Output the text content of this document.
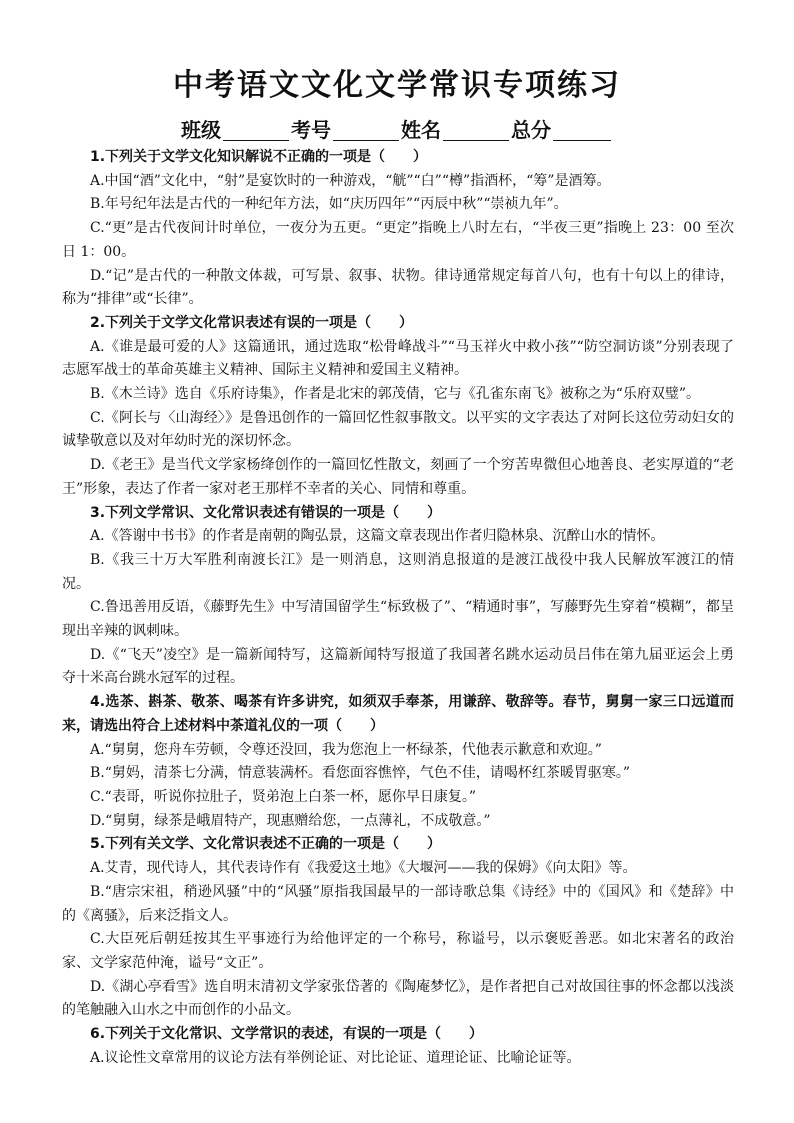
中考语文文化文学常识专项练习
班级	考号	姓名	总分

1.下列关于文学文化知识解说不正确的一项是（　　）

A.中国“酒”文化中，“射”是宴饮时的一种游戏，“觥”“白”“樽”指酒杯，“筹”是酒筹。

B.年号纪年法是古代的一种纪年方法，如“庆历四年”“丙辰中秋”“崇祯九年”。

C.“更”是古代夜间计时单位，一夜分为五更。“更定”指晚上八时左右，“半夜三更”指晚上 23：00 至次日 1：00。

D.“记”是古代的一种散文体裁，可写景、叙事、状物。律诗通常规定每首八句，也有十句以上的律诗，称为“排律”或“长律”。

2.下列关于文学文化常识表述有误的一项是（　　）

A.《谁是最可爱的人》这篇通讯，通过选取“松骨峰战斗”“马玉祥火中救小孩”“防空洞访谈”分别表现了志愿军战士的革命英雄主义精神、国际主义精神和爱国主义精神。

B.《木兰诗》选自《乐府诗集》，作者是北宋的郭茂倩，它与《孔雀东南飞》被称之为“乐府双璧”。

C.《阿长与〈山海经〉》是鲁迅创作的一篇回忆性叙事散文。以平实的文字表达了对阿长这位劳动妇女的诚挚敬意以及对年幼时光的深切怀念。

D.《老王》是当代文学家杨绛创作的一篇回忆性散文，刻画了一个穷苦卑微但心地善良、老实厚道的“老王”形象，表达了作者一家对老王那样不幸者的关心、同情和尊重。

3.下列文学常识、文化常识表述有错误的一项是（　　）

A.《答谢中书书》的作者是南朝的陶弘景，这篇文章表现出作者归隐林泉、沉醉山水的情怀。

B.《我三十万大军胜利南渡长江》是一则消息，这则消息报道的是渡江战役中我人民解放军渡江的情况。

C.鲁迅善用反语，《藤野先生》中写清国留学生“标致极了”、“精通时事”，写藤野先生穿着“模糊”，都呈现出辛辣的讽刺味。

D.《“飞天”凌空》是一篇新闻特写，这篇新闻特写报道了我国著名跳水运动员吕伟在第九届亚运会上勇夺十米高台跳水冠军的过程。

4.选茶、斟茶、敬茶、喝茶有许多讲究，如须双手奉茶，用谦辞、敬辞等。春节，舅舅一家三口远道而来，请选出符合上述材料中茶道礼仪的一项（　　）

A.“舅舅，您舟车劳顿，令尊还没回，我为您泡上一杯绿茶，代他表示歉意和欢迎。”

B.“舅妈，清茶七分满，情意装满杯。看您面容憔悴，气色不佳，请喝杯红茶暖胃驱寒。”

C.“表哥，听说你拉肚子，贤弟泡上白茶一杯，愿你早日康复。”

D.“舅舅，绿茶是峨眉特产，现惠赠给您，一点薄礼，不成敬意。”

5.下列有关文学、文化常识表述不正确的一项是（　　）

A.艾青，现代诗人，其代表诗作有《我爱这土地》《大堰河——我的保姆》《向太阳》等。

B.“唐宗宋祖，稍逊风骚”中的“风骚”原指我国最早的一部诗歌总集《诗经》中的《国风》和《楚辞》中的《离骚》，后来泛指文人。

C.大臣死后朝廷按其生平事迹行为给他评定的一个称号，称谥号，以示褒贬善恶。如北宋著名的政治家、文学家范仲淹，谥号“文正”。

D.《湖心亭看雪》选自明末清初文学家张岱著的《陶庵梦忆》，是作者把自己对故国往事的怀念都以浅淡的笔触融入山水之中而创作的小品文。

6.下列关于文化常识、文学常识的表述，有误的一项是（　　）

A.议论性文章常用的议论方法有举例论证、对比论证、道理论证、比喻论证等。
